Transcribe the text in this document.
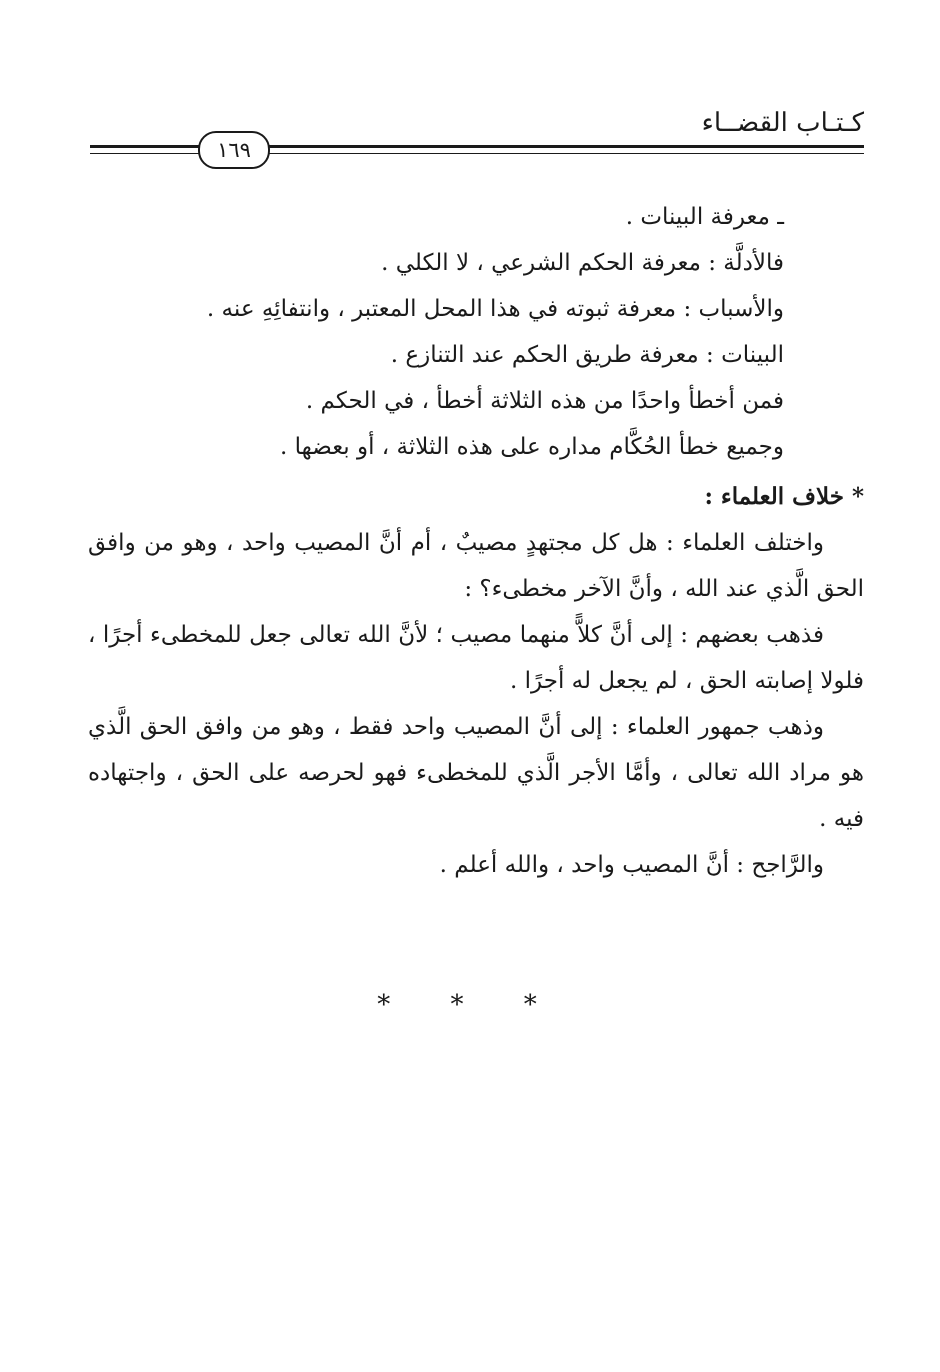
كـتـاب القضــاء
١٦٩
ـ معرفة البينات .
فالأدلَّة : معرفة الحكم الشرعي ، لا الكلي .
والأسباب : معرفة ثبوته في هذا المحل المعتبر ، وانتفائِهِ عنه .
البينات : معرفة طريق الحكم عند التنازع .
فمن أخطأ واحدًا من هذه الثلاثة أخطأ ، في الحكم .
وجميع خطأ الحُكَّام مداره على هذه الثلاثة ، أو بعضها .
* خلاف العلماء :

واختلف العلماء : هل كل مجتهدٍ مصيبٌ ، أم أنَّ المصيب واحد ، وهو من وافق الحق الَّذي عند الله ، وأنَّ الآخر مخطىء؟ :

فذهب بعضهم : إلى أنَّ كلاًّ منهما مصيب ؛ لأنَّ الله تعالى جعل للمخطىء أجرًا ، فلولا إصابته الحق ، لم يجعل له أجرًا .

وذهب جمهور العلماء : إلى أنَّ المصيب واحد فقط ، وهو من وافق الحق الَّذي هو مراد الله تعالى ، وأمَّا الأجر الَّذي للمخطىء فهو لحرصه على الحق ، واجتهاده فيه .

والرَّاجح : أنَّ المصيب واحد ، والله أعلم .
* * *
